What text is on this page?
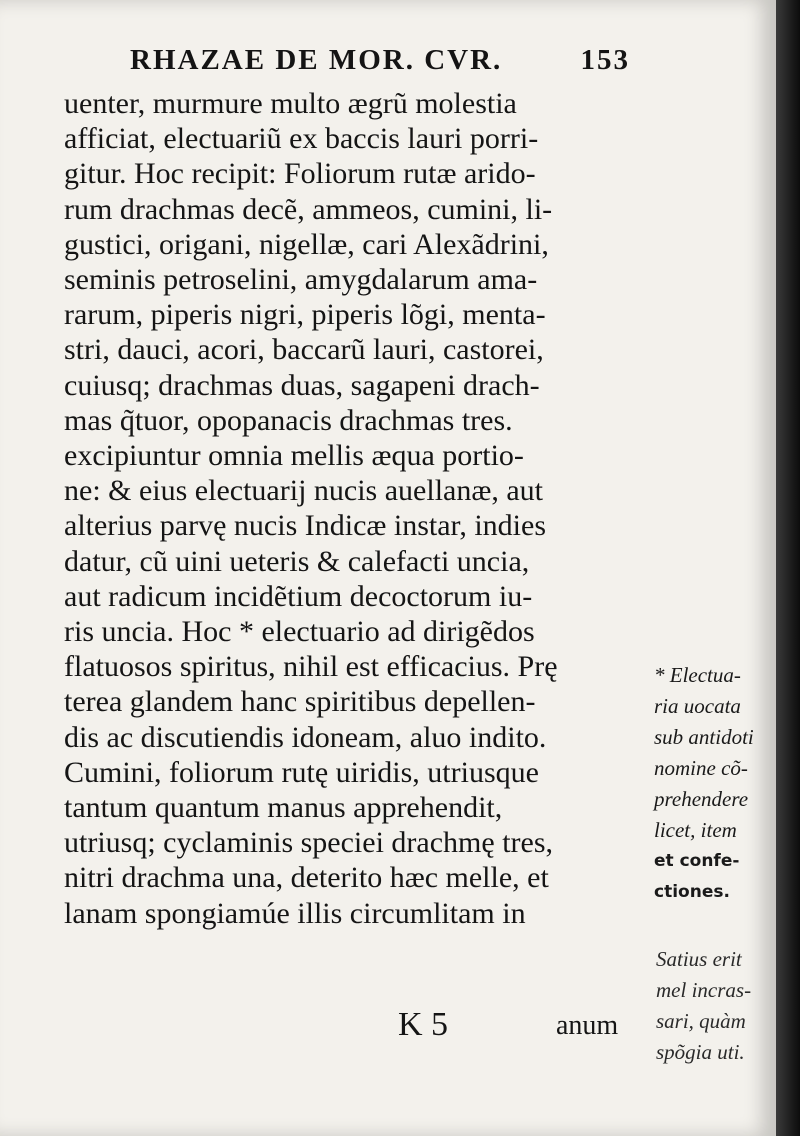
RHAZAE DE MOR. CVR.	153
uenter, murmure multo ægrũ molestia
afficiat, electuariũ ex baccis lauri porri-
gitur. Hoc recipit: Foliorum rutæ arido-
rum drachmas decẽ, ammeos, cumini, li-
gustici, origani, nigellæ, cari Alexãdrini,
seminis petroselini, amygdalarum ama-
rarum, piperis nigri, piperis lõgi, menta-
stri, dauci, acori, baccarũ lauri, castorei,
cuiusq; drachmas duas, sagapeni drach-
mas q̃tuor, opopanacis drachmas tres.
excipiuntur omnia mellis æqua portio-
ne: & eius electuarij nucis auellanæ, aut
alterius parvę nucis Indicæ instar, indies
datur, cũ uini ueteris & calefacti uncia,
aut radicum incidẽtium decoctorum iu-
ris uncia. Hoc * electuario ad dirigẽdos
flatuosos spiritus, nihil est efficacius. Prę
terea glandem hanc spiritibus depellen-
dis ac discutiendis idoneam, aluo indito.
Cumini, foliorum rutę uiridis, utriusque
tantum quantum manus apprehendit,
utriusq; cyclaminis speciei drachmę tres,
nitri drachma una, deterito hæc melle, et
lanam spongiamúe illis circumlitam in
* Electua-
ria uocata
sub antidoti
nomine cõ-
prehendere
licet, item
et confe-
ctiones.
Satius erit
mel incras-
sari, quàm
spõgia uti.
K 5	anum
